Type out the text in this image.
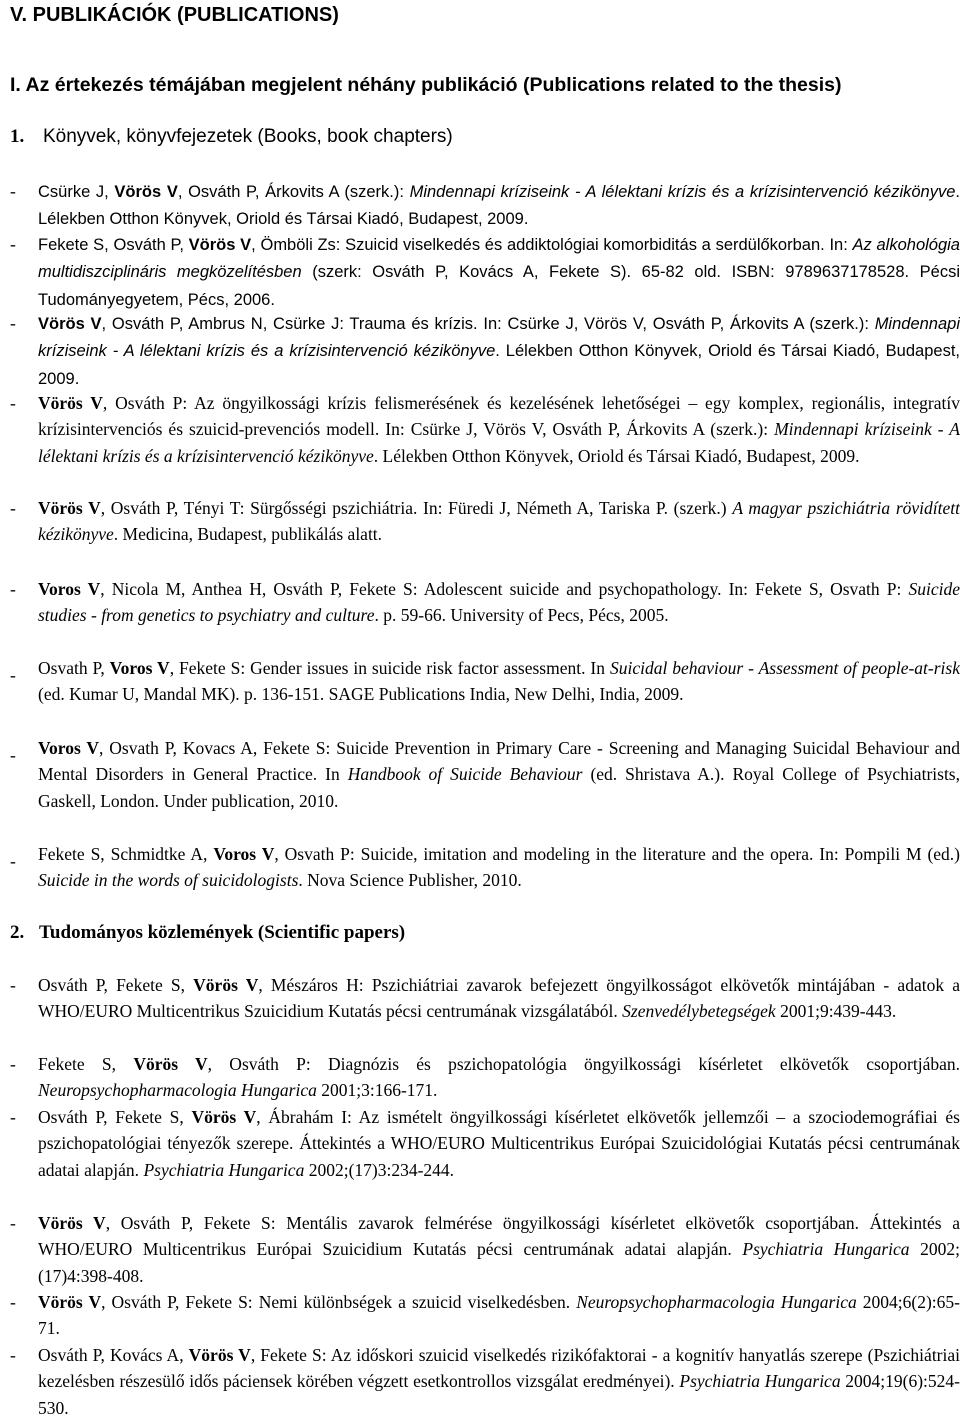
V. PUBLIKÁCIÓK (PUBLICATIONS)
I. Az értekezés témájában megjelent néhány publikáció (Publications related to the thesis)
1. Könyvek, könyvfejezetek (Books, book chapters)
- Csürke J, Vörös V, Osváth P, Árkovits A (szerk.): Mindennapi kríziseink - A lélektani krízis és a krízisintervenció kézikönyve. Lélekben Otthon Könyvek, Oriold és Társai Kiadó, Budapest, 2009.
- Fekete S, Osváth P, Vörös V, Ömböli Zs: Szuicid viselkedés és addiktológiai komorbiditás a serdülőkorban. In: Az alkohológia multidiszciplináris megközelítésben (szerk: Osváth P, Kovács A, Fekete S). 65-82 old. ISBN: 9789637178528. Pécsi Tudományegyetem, Pécs, 2006.
- Vörös V, Osváth P, Ambrus N, Csürke J: Trauma és krízis. In: Csürke J, Vörös V, Osváth P, Árkovits A (szerk.): Mindennapi kríziseink - A lélektani krízis és a krízisintervenció kézikönyve. Lélekben Otthon Könyvek, Oriold és Társai Kiadó, Budapest, 2009.
- Vörös V, Osváth P: Az öngyilkossági krízis felismerésének és kezelésének lehetőségei – egy komplex, regionális, integratív krízisintervenciós és szuicid-prevenciós modell. In: Csürke J, Vörös V, Osváth P, Árkovits A (szerk.): Mindennapi kríziseink - A lélektani krízis és a krízisintervenció kézikönyve. Lélekben Otthon Könyvek, Oriold és Társai Kiadó, Budapest, 2009.
- Vörös V, Osváth P, Tényi T: Sürgősségi pszichiátria. In: Füredi J, Németh A, Tariska P. (szerk.) A magyar pszichiátria rövidített kézikönyve. Medicina, Budapest, publikálás alatt.
- Voros V, Nicola M, Anthea H, Osváth P, Fekete S: Adolescent suicide and psychopathology. In: Fekete S, Osvath P: Suicide studies - from genetics to psychiatry and culture. p. 59-66. University of Pecs, Pécs, 2005.
- Osvath P, Voros V, Fekete S: Gender issues in suicide risk factor assessment. In Suicidal behaviour - Assessment of people-at-risk (ed. Kumar U, Mandal MK). p. 136-151. SAGE Publications India, New Delhi, India, 2009.
- Voros V, Osvath P, Kovacs A, Fekete S: Suicide Prevention in Primary Care - Screening and Managing Suicidal Behaviour and Mental Disorders in General Practice. In Handbook of Suicide Behaviour (ed. Shristava A.). Royal College of Psychiatrists, Gaskell, London. Under publication, 2010.
- Fekete S, Schmidtke A, Voros V, Osvath P: Suicide, imitation and modeling in the literature and the opera. In: Pompili M (ed.) Suicide in the words of suicidologists. Nova Science Publisher, 2010.
2. Tudományos közlemények (Scientific papers)
- Osváth P, Fekete S, Vörös V, Mészáros H: Pszichiátriai zavarok befejezett öngyilkosságot elkövetők mintájában - adatok a WHO/EURO Multicentrikus Szuicidium Kutatás pécsi centrumának vizsgálatából. Szenvedélybetegségek 2001;9:439-443.
- Fekete S, Vörös V, Osváth P: Diagnózis és pszichopatológia öngyilkossági kísérletet elkövetők csoportjában. Neuropsychopharmacologia Hungarica 2001;3:166-171.
- Osváth P, Fekete S, Vörös V, Ábrahám I: Az ismételt öngyilkossági kísérletet elkövetők jellemzői – a szociodemográfiai és pszichopatológiai tényezők szerepe. Áttekintés a WHO/EURO Multicentrikus Európai Szuicidológiai Kutatás pécsi centrumának adatai alapján. Psychiatria Hungarica 2002;(17)3:234-244.
- Vörös V, Osváth P, Fekete S: Mentális zavarok felmérése öngyilkossági kísérletet elkövetők csoportjában. Áttekintés a WHO/EURO Multicentrikus Európai Szuicidium Kutatás pécsi centrumának adatai alapján. Psychiatria Hungarica 2002;(17)4:398-408.
- Vörös V, Osváth P, Fekete S: Nemi különbségek a szuicid viselkedésben. Neuropsychopharmacologia Hungarica 2004;6(2):65-71.
- Osváth P, Kovács A, Vörös V, Fekete S: Az időskori szuicid viselkedés rizikófaktorai - a kognitív hanyatlás szerepe (Pszichiátriai kezelésben részesülő idős páciensek körében végzett esetkontrollos vizsgálat eredményei). Psychiatria Hungarica 2004;19(6):524-530.
